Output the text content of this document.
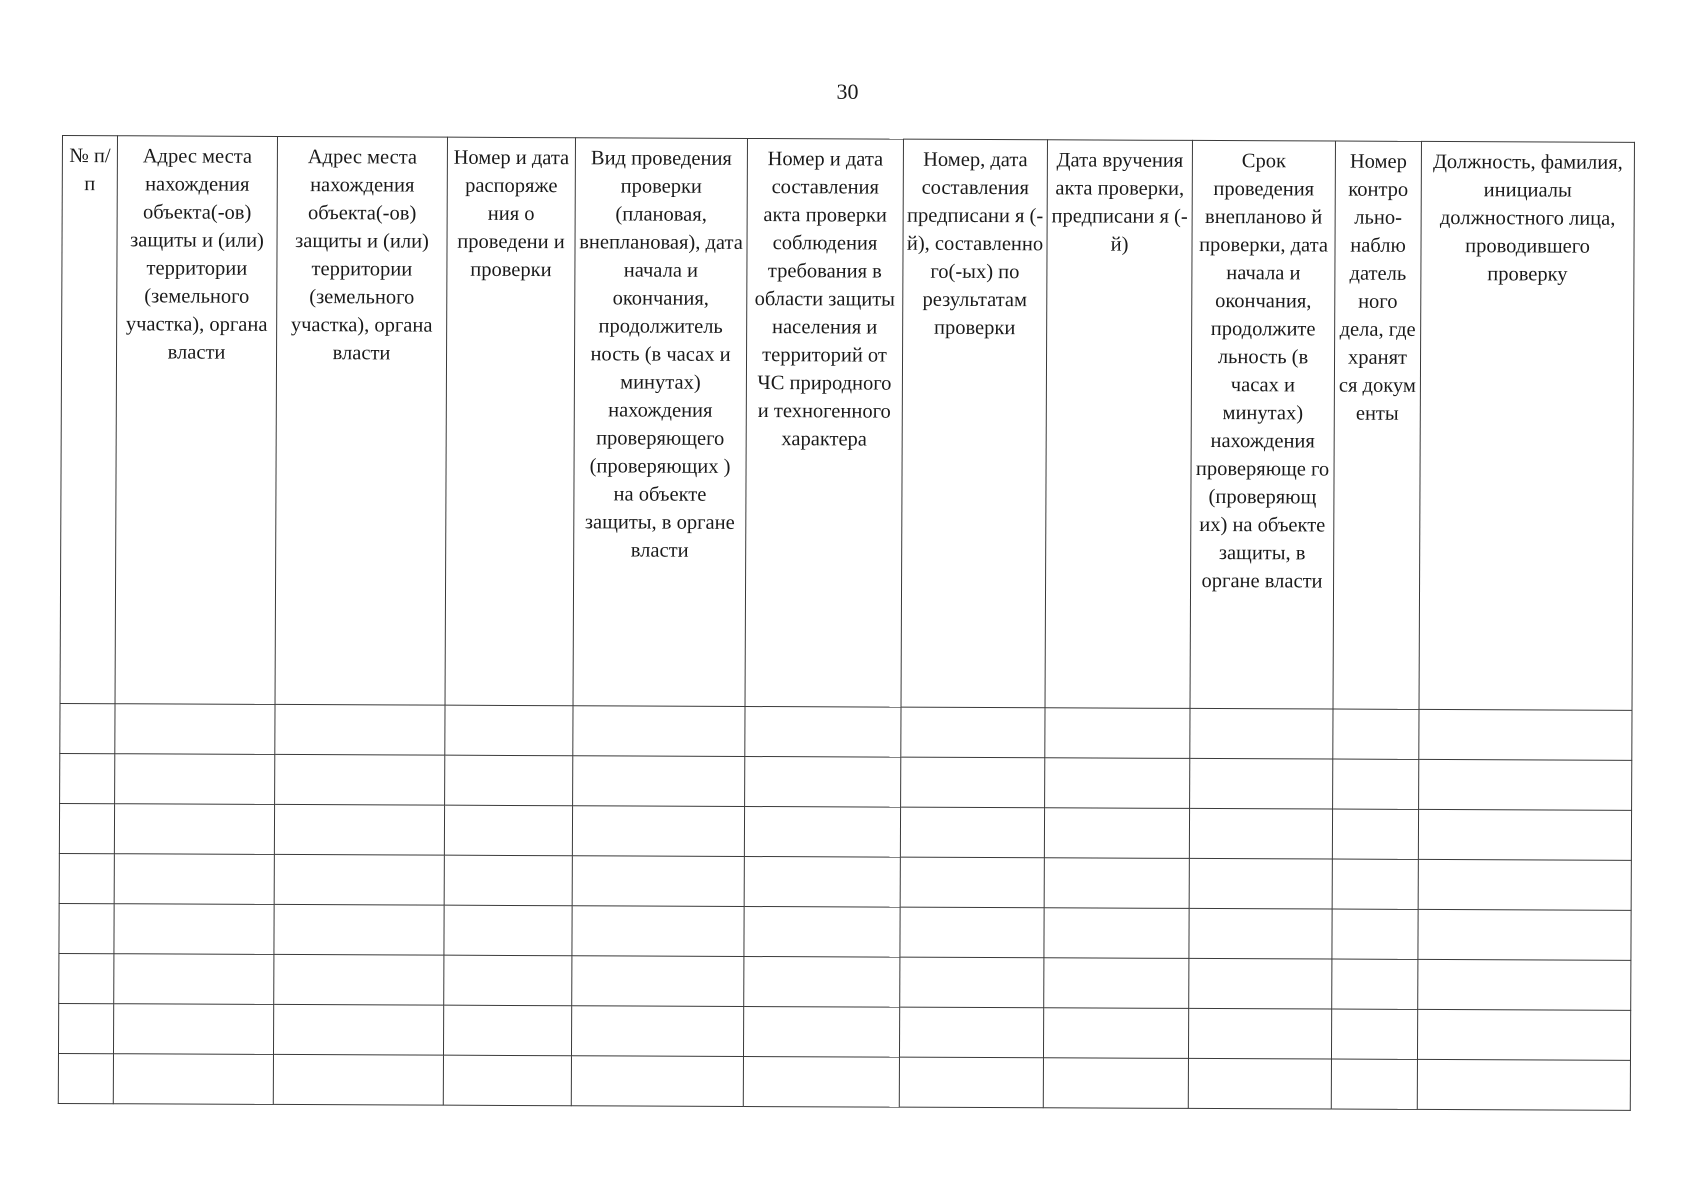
30
№ п/п	Адрес места нахождения объекта(-ов) защиты и (или) территории (земельного участка), органа власти	Адрес места нахождения объекта(-ов) защиты и (или) территории (земельного участка), органа власти	Номер и дата распоряже ния о проведени и проверки	Вид проведения проверки (плановая, внеплановая), дата начала и окончания, продолжитель ность (в часах и минутах) нахождения проверяющего (проверяющих ) на объекте защиты, в органе власти	Номер и дата составления акта проверки соблюдения требования в области защиты населения и территорий от ЧС природного и техногенного характера	Номер, дата составления предписани я (-й), составленно го(-ых) по результатам проверки	Дата вручения акта проверки, предписани я (-й)	Срок проведения внепланово й проверки, дата начала и окончания, продолжите льность (в часах и минутах) нахождения проверяюще го (проверяющ их) на объекте защиты, в органе власти	Номер контро льно-наблю датель ного дела, где хранят ся докум енты	Должность, фамилия, инициалы должностного лица, проводившего проверку
